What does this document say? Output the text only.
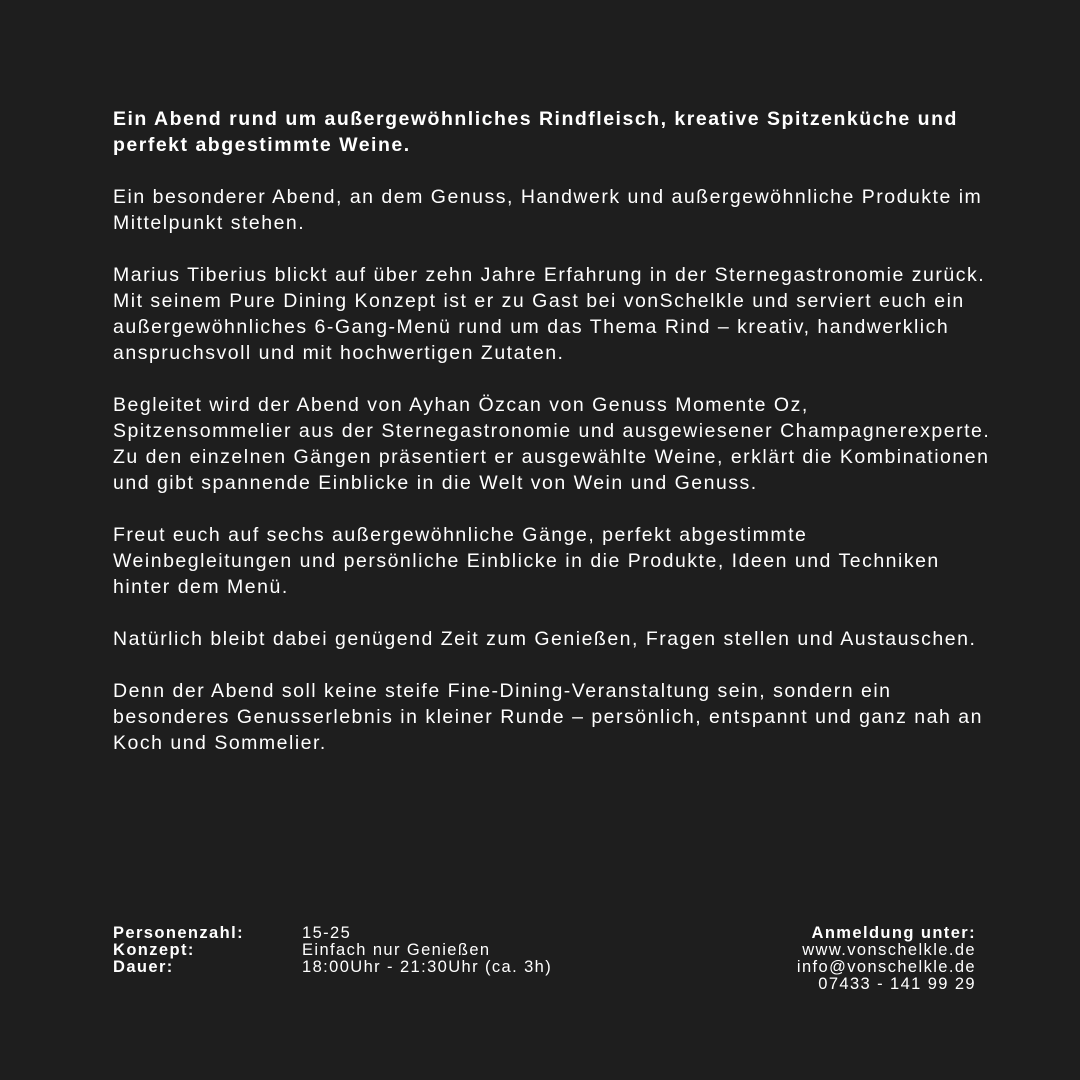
Ein Abend rund um außergewöhnliches Rindfleisch, kreative Spitzenküche und perfekt abgestimmte Weine.

Ein besonderer Abend, an dem Genuss, Handwerk und außergewöhnliche Produkte im Mittelpunkt stehen.

Marius Tiberius blickt auf über zehn Jahre Erfahrung in der Sternegastronomie zurück. Mit seinem Pure Dining Konzept ist er zu Gast bei vonSchelkle und serviert euch ein außergewöhnliches 6-Gang-Menü rund um das Thema Rind – kreativ, handwerklich anspruchsvoll und mit hochwertigen Zutaten.

Begleitet wird der Abend von Ayhan Özcan von Genuss Momente Oz, Spitzensommelier aus der Sternegastronomie und ausgewiesener Champagnerexperte. Zu den einzelnen Gängen präsentiert er ausgewählte Weine, erklärt die Kombinationen und gibt spannende Einblicke in die Welt von Wein und Genuss.

Freut euch auf sechs außergewöhnliche Gänge, perfekt abgestimmte Weinbegleitungen und persönliche Einblicke in die Produkte, Ideen und Techniken hinter dem Menü.

Natürlich bleibt dabei genügend Zeit zum Genießen, Fragen stellen und Austauschen.

Denn der Abend soll keine steife Fine-Dining-Veranstaltung sein, sondern ein besonderes Genusserlebnis in kleiner Runde – persönlich, entspannt und ganz nah an Koch und Sommelier.

Personenzahl:	15-25
Konzept:	Einfach nur Genießen
Dauer:	18:00Uhr - 21:30Uhr (ca. 3h)
Anmeldung unter:
www.vonschelkle.de
info@vonschelkle.de
07433 - 141 99 29
